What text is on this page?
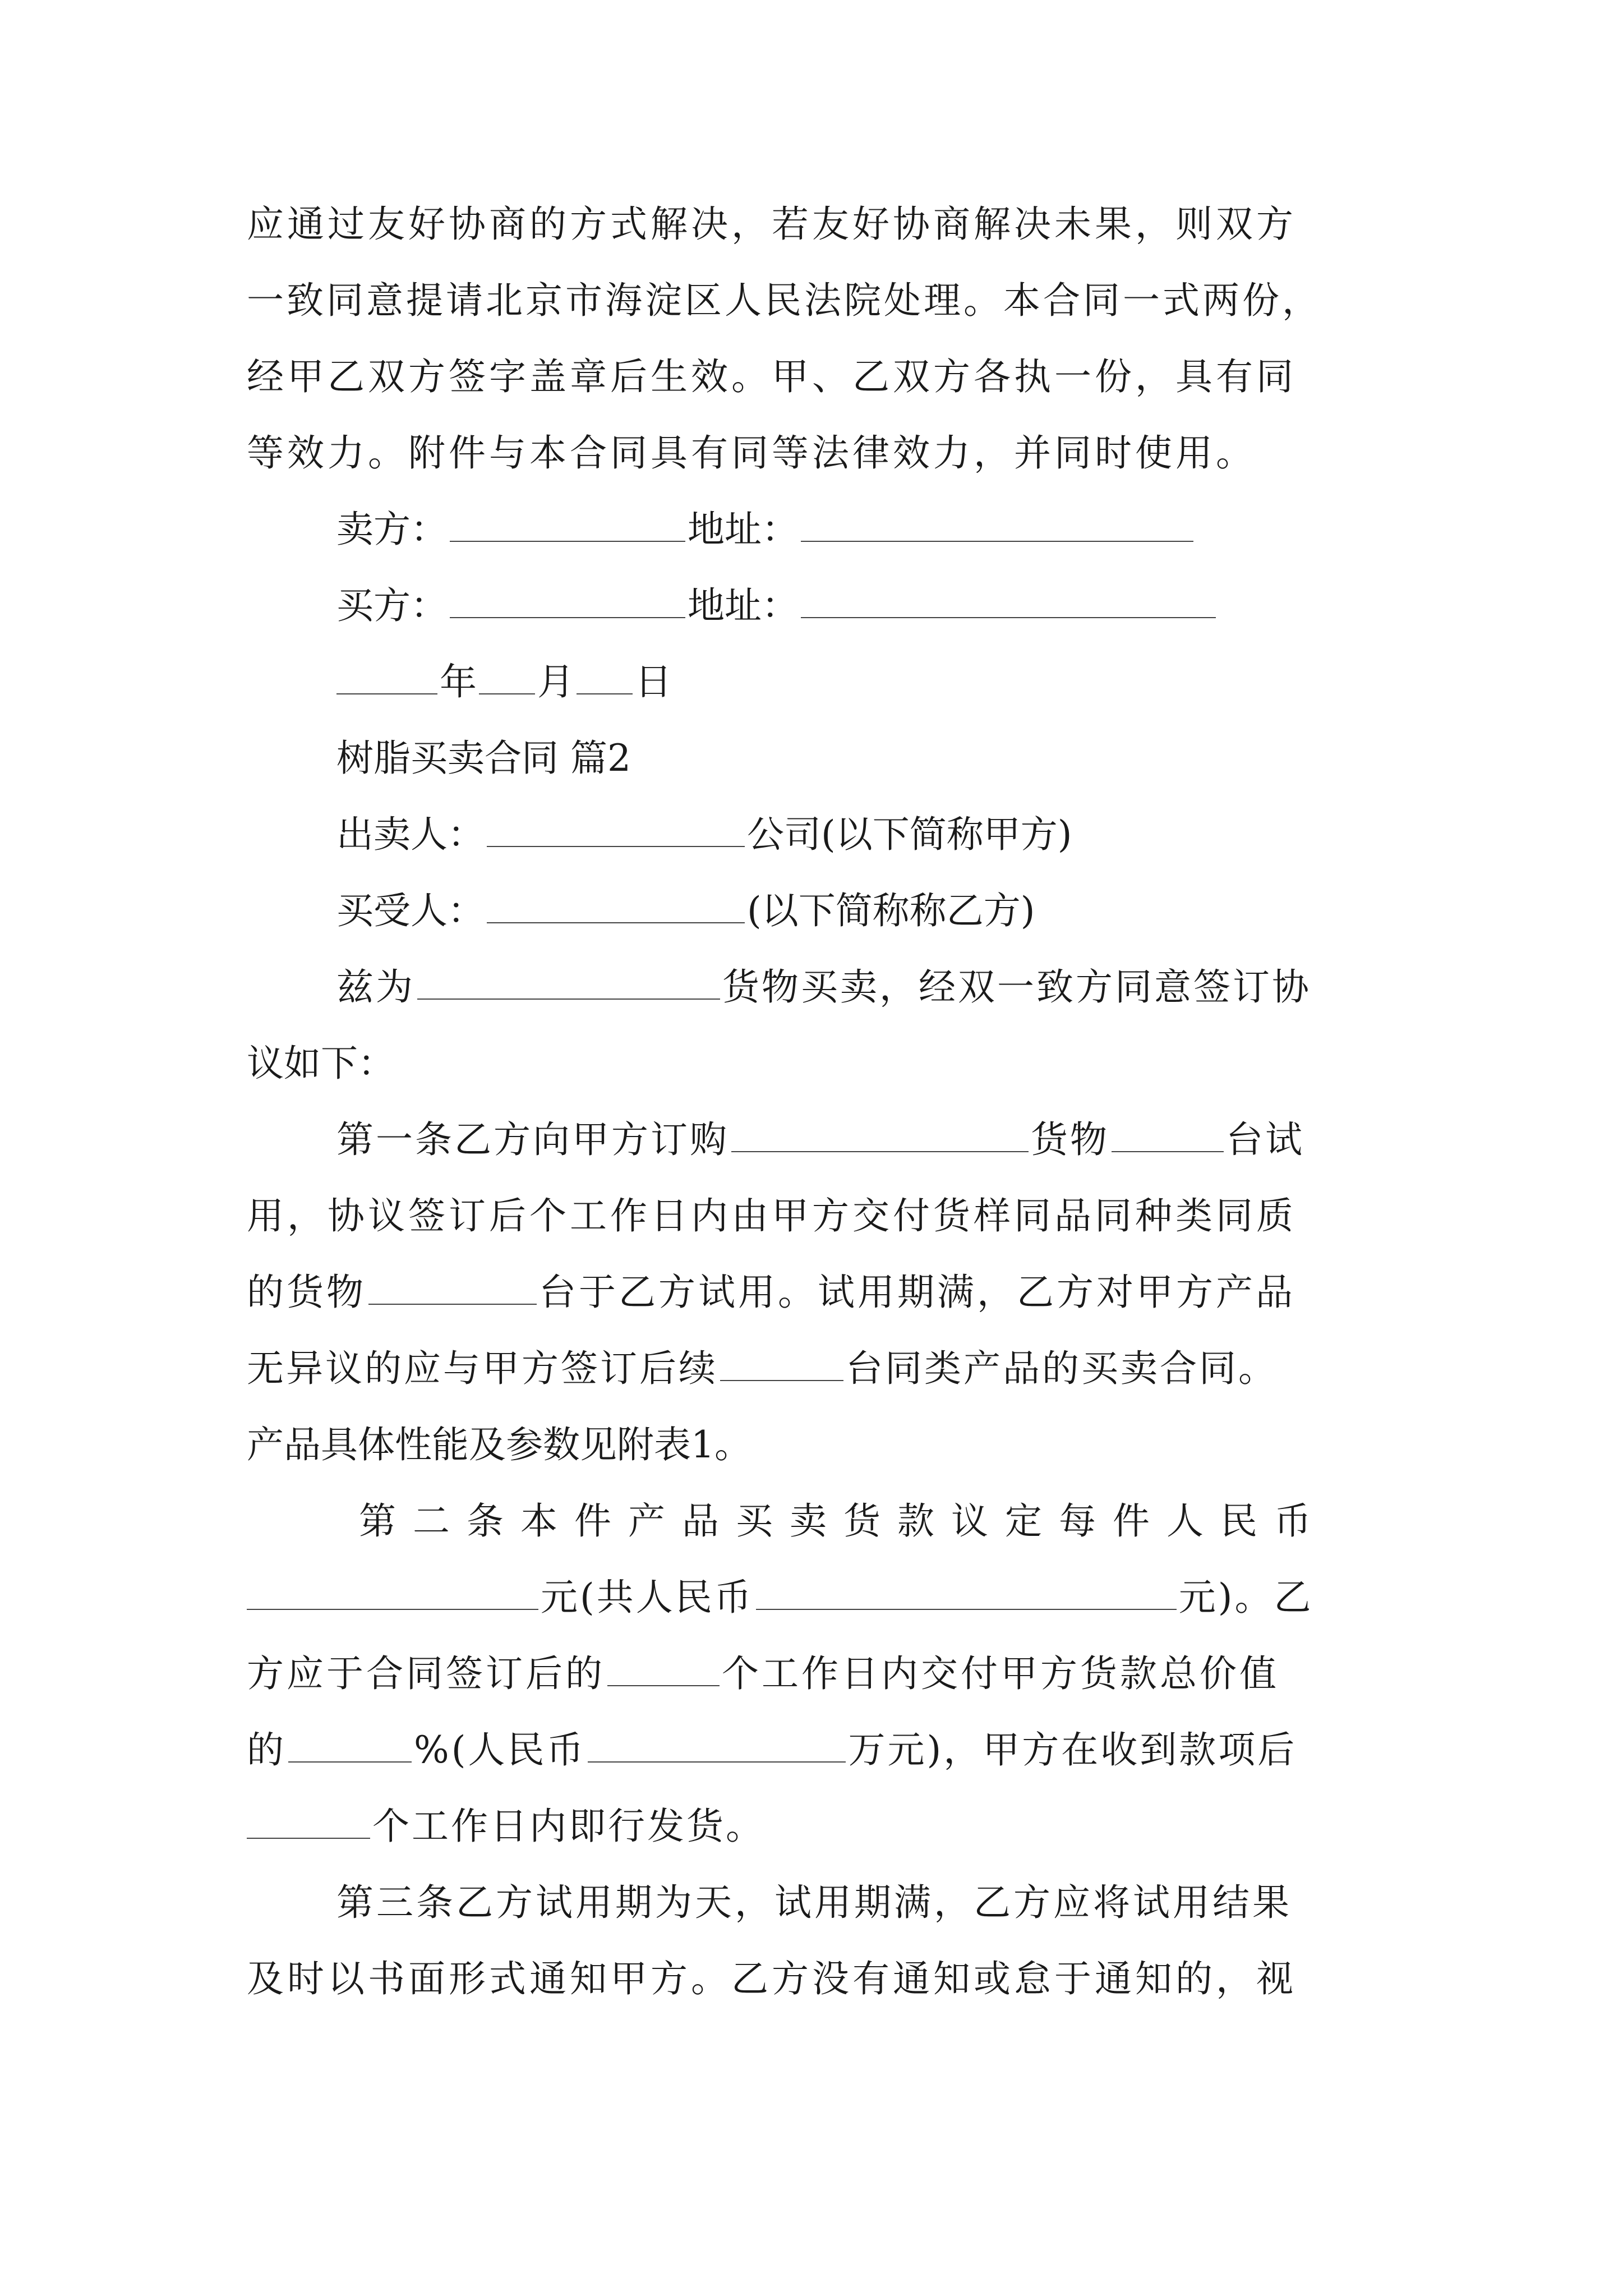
应通过友好协商的方式解决，若友好协商解决未果，则双方
一致同意提请北京市海淀区人民法院处理。本合同一式两份，
经甲乙双方签字盖章后生效。甲、乙双方各执一份，具有同
等效力。附件与本合同具有同等法律效力，并同时使用。
卖方：	地址：
买方：	地址：
年 月 日
树脂买卖合同 篇2
出卖人：	公司(以下简称甲方)
买受人：	(以下简称称乙方)
兹为	货物买卖，经双一致方同意签订协
议如下：
第一条乙方向甲方订购	货物	台试
用，协议签订后个工作日内由甲方交付货样同品同种类同质
的货物	台于乙方试用。试用期满，乙方对甲方产品
无异议的应与甲方签订后续	台同类产品的买卖合同。
产品具体性能及参数见附表1。
第二条本件产品买卖货款议定每件人民币
元(共人民币	元)。乙
方应于合同签订后的	个工作日内交付甲方货款总价值
的	%(人民币	万元)，甲方在收到款项后
个工作日内即行发货。
第三条乙方试用期为天，试用期满，乙方应将试用结果
及时以书面形式通知甲方。乙方没有通知或怠于通知的，视
